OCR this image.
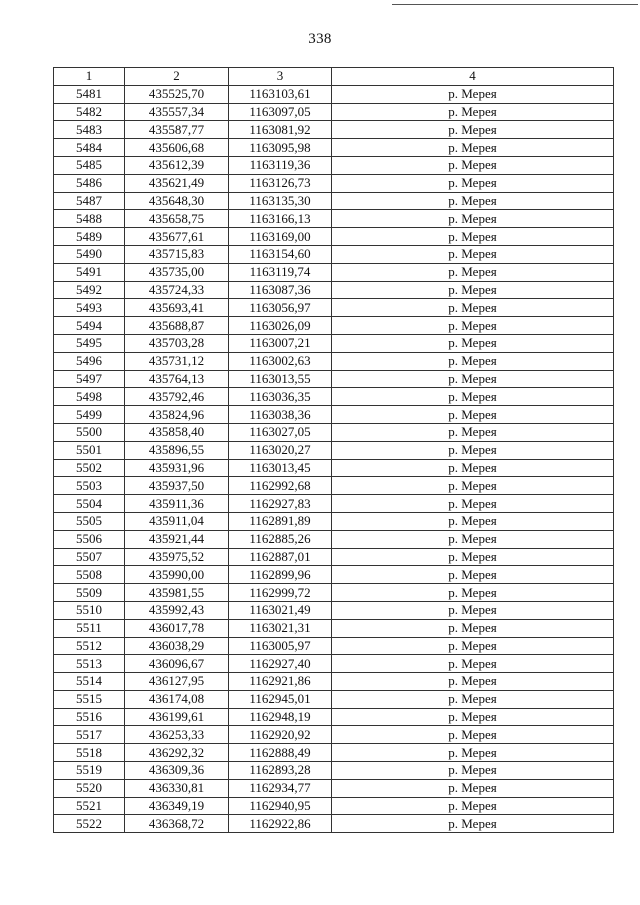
338
1	2	3	4
5481	435525,70	1163103,61	р. Мерея
5482	435557,34	1163097,05	р. Мерея
5483	435587,77	1163081,92	р. Мерея
5484	435606,68	1163095,98	р. Мерея
5485	435612,39	1163119,36	р. Мерея
5486	435621,49	1163126,73	р. Мерея
5487	435648,30	1163135,30	р. Мерея
5488	435658,75	1163166,13	р. Мерея
5489	435677,61	1163169,00	р. Мерея
5490	435715,83	1163154,60	р. Мерея
5491	435735,00	1163119,74	р. Мерея
5492	435724,33	1163087,36	р. Мерея
5493	435693,41	1163056,97	р. Мерея
5494	435688,87	1163026,09	р. Мерея
5495	435703,28	1163007,21	р. Мерея
5496	435731,12	1163002,63	р. Мерея
5497	435764,13	1163013,55	р. Мерея
5498	435792,46	1163036,35	р. Мерея
5499	435824,96	1163038,36	р. Мерея
5500	435858,40	1163027,05	р. Мерея
5501	435896,55	1163020,27	р. Мерея
5502	435931,96	1163013,45	р. Мерея
5503	435937,50	1162992,68	р. Мерея
5504	435911,36	1162927,83	р. Мерея
5505	435911,04	1162891,89	р. Мерея
5506	435921,44	1162885,26	р. Мерея
5507	435975,52	1162887,01	р. Мерея
5508	435990,00	1162899,96	р. Мерея
5509	435981,55	1162999,72	р. Мерея
5510	435992,43	1163021,49	р. Мерея
5511	436017,78	1163021,31	р. Мерея
5512	436038,29	1163005,97	р. Мерея
5513	436096,67	1162927,40	р. Мерея
5514	436127,95	1162921,86	р. Мерея
5515	436174,08	1162945,01	р. Мерея
5516	436199,61	1162948,19	р. Мерея
5517	436253,33	1162920,92	р. Мерея
5518	436292,32	1162888,49	р. Мерея
5519	436309,36	1162893,28	р. Мерея
5520	436330,81	1162934,77	р. Мерея
5521	436349,19	1162940,95	р. Мерея
5522	436368,72	1162922,86	р. Мерея
